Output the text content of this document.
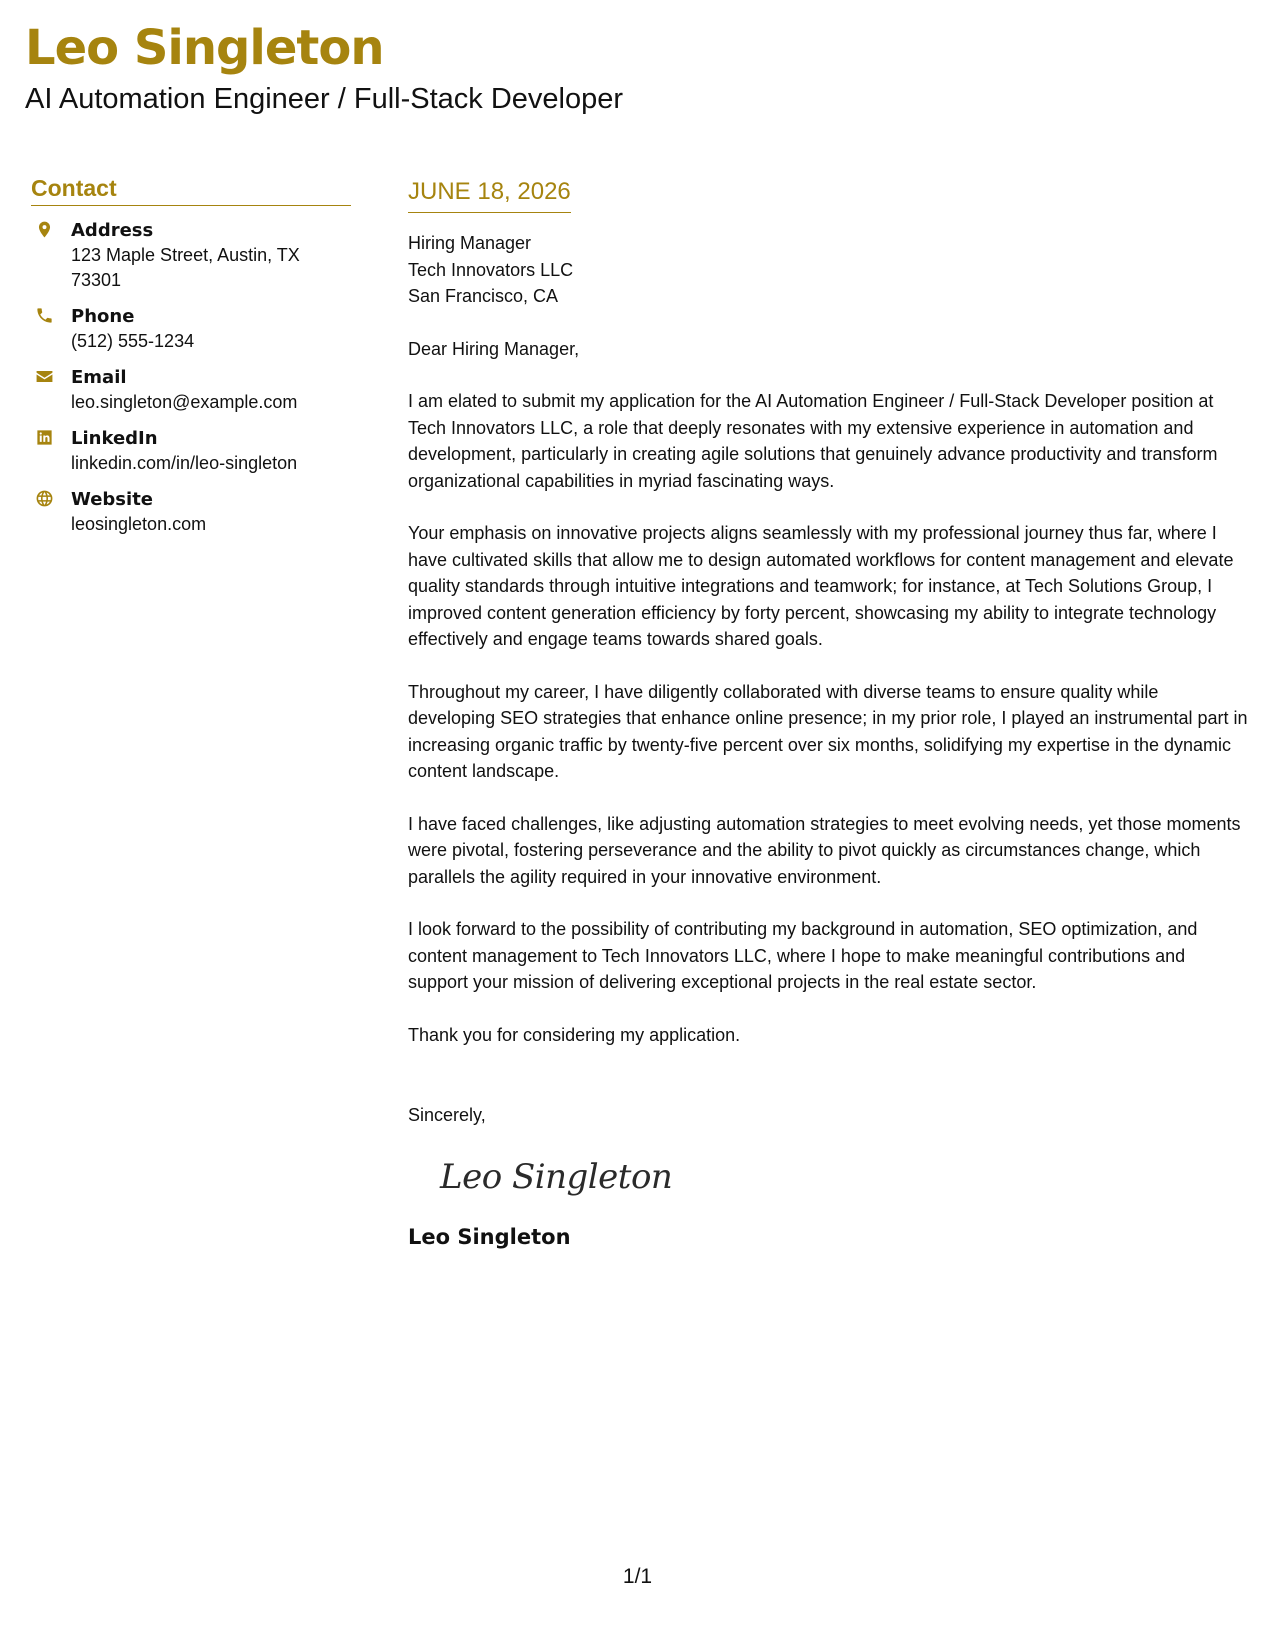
Leo Singleton
AI Automation Engineer / Full-Stack Developer
Contact
Address
123 Maple Street, Austin, TX 73301
Phone
(512) 555-1234
Email
leo.singleton@example.com
LinkedIn
linkedin.com/in/leo-singleton
Website
leosingleton.com
JUNE 18, 2026
Hiring Manager
Tech Innovators LLC
San Francisco, CA

Dear Hiring Manager,

I am elated to submit my application for the AI Automation Engineer / Full-Stack Developer position at Tech Innovators LLC, a role that deeply resonates with my extensive experience in automation and development, particularly in creating agile solutions that genuinely advance productivity and transform organizational capabilities in myriad fascinating ways.

Your emphasis on innovative projects aligns seamlessly with my professional journey thus far, where I have cultivated skills that allow me to design automated workflows for content management and elevate quality standards through intuitive integrations and teamwork; for instance, at Tech Solutions Group, I improved content generation efficiency by forty percent, showcasing my ability to integrate technology effectively and engage teams towards shared goals.

Throughout my career, I have diligently collaborated with diverse teams to ensure quality while developing SEO strategies that enhance online presence; in my prior role, I played an instrumental part in increasing organic traffic by twenty-five percent over six months, solidifying my expertise in the dynamic content landscape.

I have faced challenges, like adjusting automation strategies to meet evolving needs, yet those moments were pivotal, fostering perseverance and the ability to pivot quickly as circumstances change, which parallels the agility required in your innovative environment.

I look forward to the possibility of contributing my background in automation, SEO optimization, and content management to Tech Innovators LLC, where I hope to make meaningful contributions and support your mission of delivering exceptional projects in the real estate sector.

Thank you for considering my application.

Sincerely,

Leo Singleton
Leo Singleton
1/1
